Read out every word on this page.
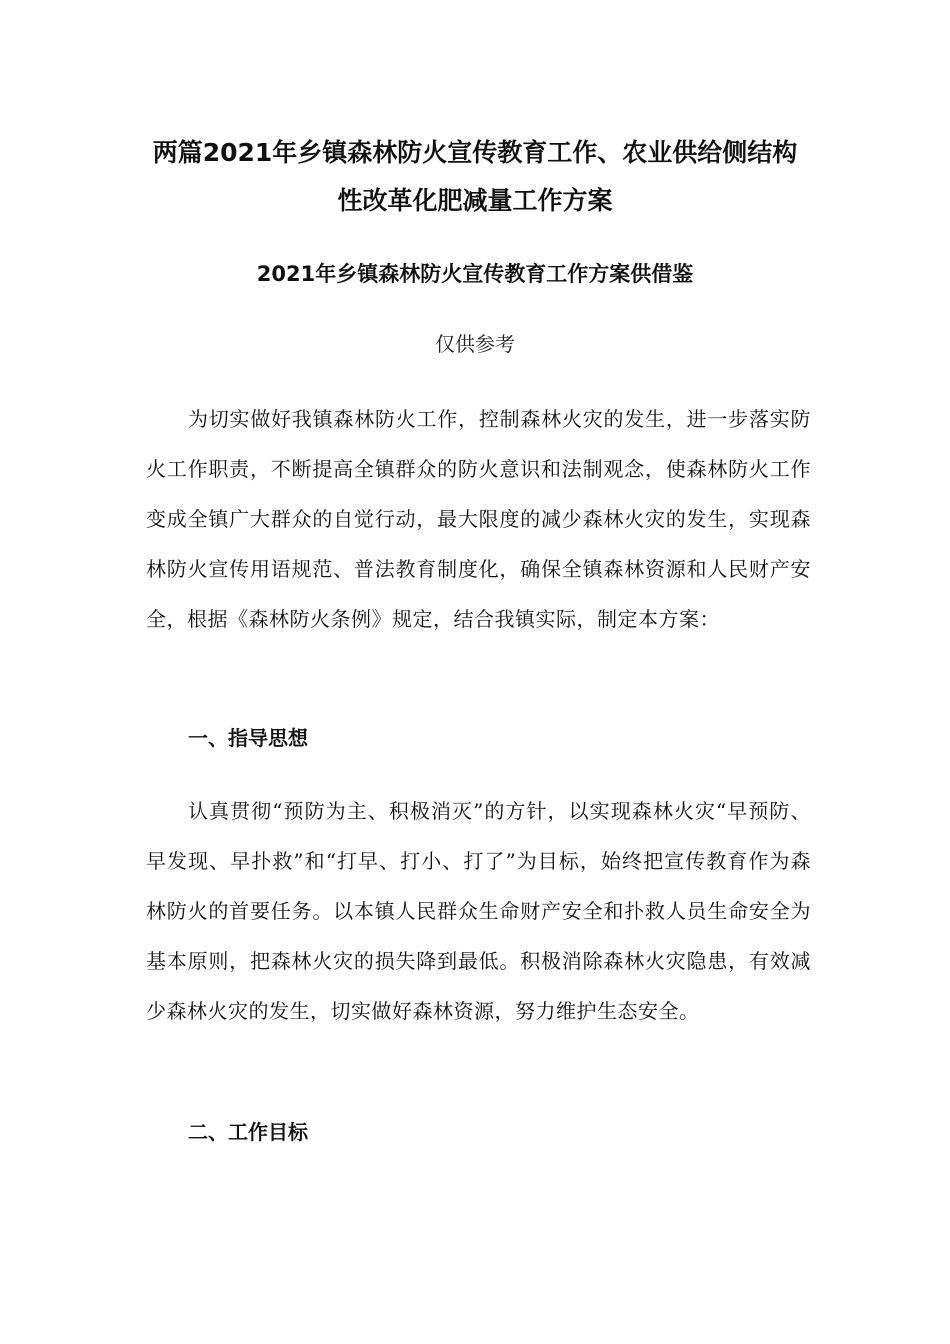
两篇2021年乡镇森林防火宣传教育工作、农业供给侧结构
性改革化肥减量工作方案
2021年乡镇森林防火宣传教育工作方案供借鉴

仅供参考

为切实做好我镇森林防火工作，控制森林火灾的发生，进一步落实防火工作职责，不断提高全镇群众的防火意识和法制观念，使森林防火工作变成全镇广大群众的自觉行动，最大限度的减少森林火灾的发生，实现森林防火宣传用语规范、普法教育制度化，确保全镇森林资源和人民财产安全，根据《森林防火条例》规定，结合我镇实际，制定本方案：

一、指导思想

认真贯彻“预防为主、积极消灭”的方针，以实现森林火灾“早预防、早发现、早扑救”和“打早、打小、打了”为目标，始终把宣传教育作为森林防火的首要任务。以本镇人民群众生命财产安全和扑救人员生命安全为基本原则，把森林火灾的损失降到最低。积极消除森林火灾隐患，有效减少森林火灾的发生，切实做好森林资源，努力维护生态安全。

二、工作目标
